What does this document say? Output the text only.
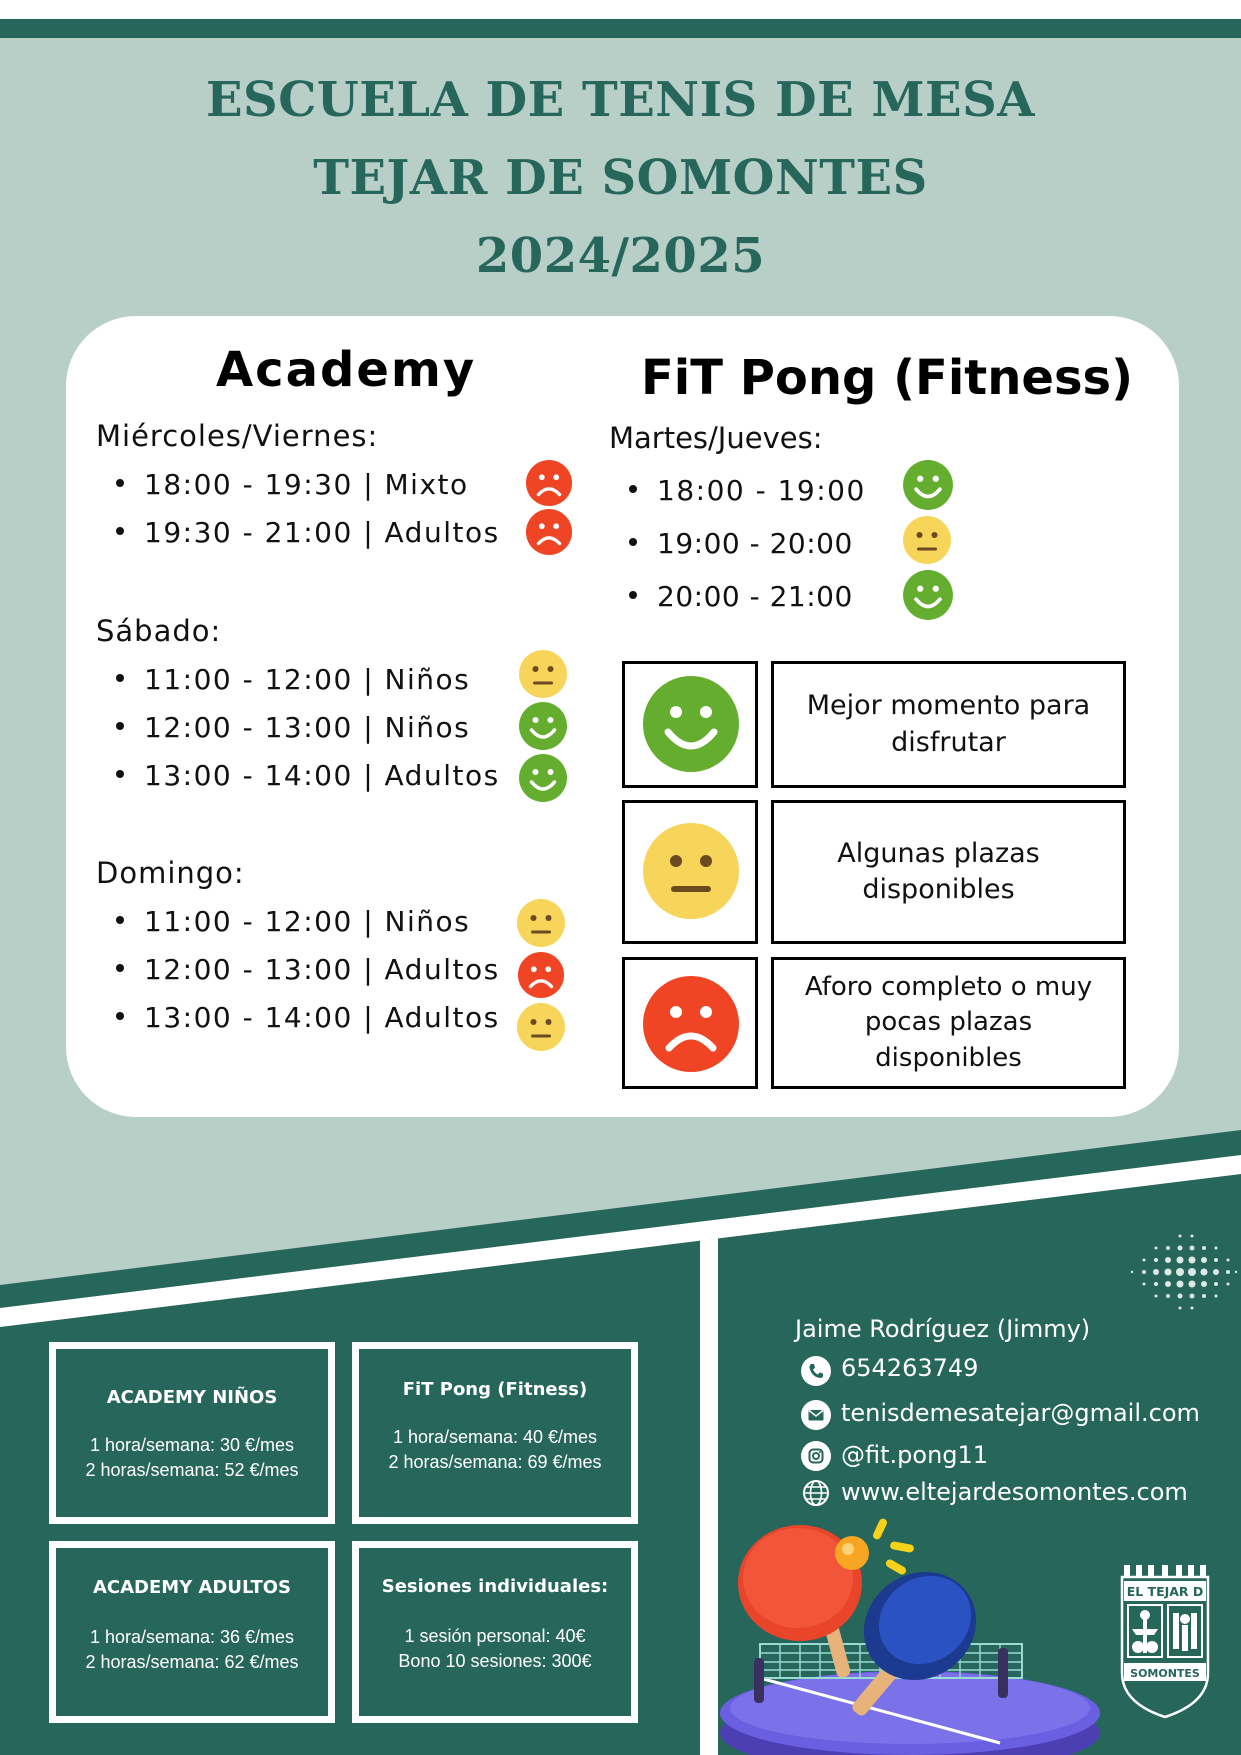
ESCUELA DE TENIS DE MESA
TEJAR DE SOMONTES
2024/2025
Academy	FiT Pong (Fitness)
Miércoles/Viernes:
18:00 - 19:30 | Mixto
19:30 - 21:00 | Adultos
Sábado:
11:00 - 12:00 | Niños
12:00 - 13:00 | Niños
13:00 - 14:00 | Adultos
Domingo:
11:00 - 12:00 | Niños
12:00 - 13:00 | Adultos
13:00 - 14:00 | Adultos
Martes/Jueves:
18:00 - 19:00
19:00 - 20:00
20:00 - 21:00
Mejor momento para disfrutar
Algunas plazas disponibles
Aforo completo o muy pocas plazas disponibles
ACADEMY NIÑOS
1 hora/semana: 30 €/mes
2 horas/semana: 52 €/mes
FiT Pong (Fitness)
1 hora/semana: 40 €/mes
2 horas/semana: 69 €/mes
ACADEMY ADULTOS
1 hora/semana: 36 €/mes
2 horas/semana: 62 €/mes
Sesiones individuales:
1 sesión personal: 40€
Bono 10 sesiones: 300€
Jaime Rodríguez (Jimmy)
654263749
tenisdemesatejar@gmail.com
@fit.pong11
www.eltejardesomontes.com
EL TEJAR D
SOMONTES
